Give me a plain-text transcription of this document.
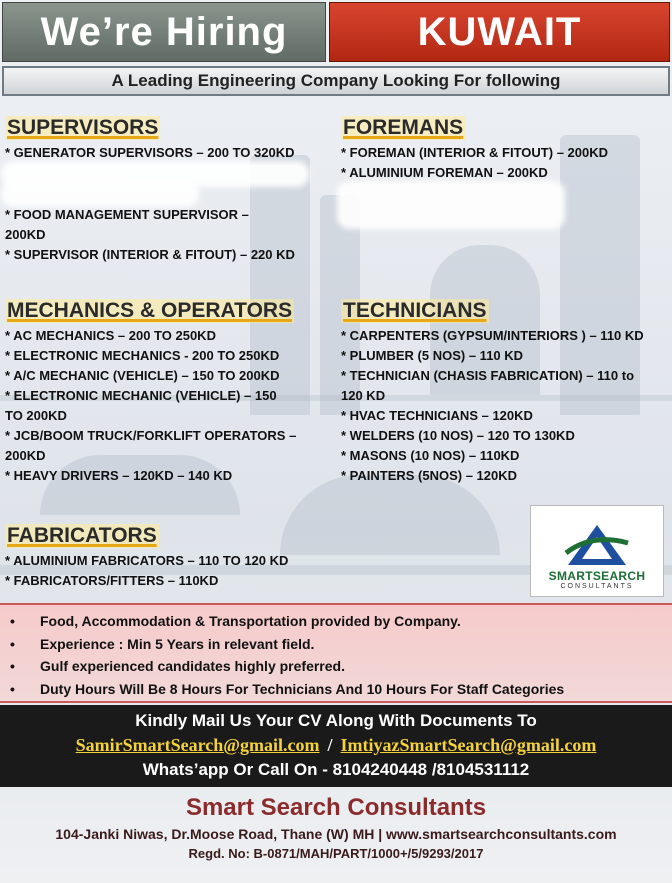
We’re Hiring	KUWAIT
A Leading Engineering Company Looking For following
SUPERVISORS
* GENERATOR SUPERVISORS – 200 TO 320KD
* FOOD MANAGEMENT SUPERVISOR –
200KD
* SUPERVISOR (INTERIOR & FITOUT) – 220 KD
FOREMANS
* FOREMAN (INTERIOR & FITOUT) – 200KD
* ALUMINIUM FOREMAN – 200KD
MECHANICS & OPERATORS
* AC MECHANICS – 200 TO 250KD
* ELECTRONIC MECHANICS - 200 TO 250KD
* A/C MECHANIC (VEHICLE) – 150 TO 200KD
* ELECTRONIC MECHANIC (VEHICLE) – 150
TO 200KD
* JCB/BOOM TRUCK/FORKLIFT OPERATORS –
200KD
* HEAVY DRIVERS – 120KD – 140 KD
TECHNICIANS
* CARPENTERS (GYPSUM/INTERIORS ) – 110 KD
* PLUMBER (5 NOS) – 110 KD
* TECHNICIAN (CHASIS FABRICATION) – 110 to
120 KD
* HVAC TECHNICIANS – 120KD
* WELDERS (10 NOS) – 120 TO 130KD
* MASONS (10 NOS) – 110KD
* PAINTERS (5NOS) – 120KD
FABRICATORS
* ALUMINIUM FABRICATORS – 110 TO 120 KD
* FABRICATORS/FITTERS – 110KD	SMARTSEARCH
CONSULTANTS
•	Food, Accommodation & Transportation provided by Company.
•	Experience : Min 5 Years in relevant field.
•	Gulf experienced candidates highly preferred.
•	Duty Hours Will Be 8 Hours For Technicians And 10 Hours For Staff Categories
Kindly Mail Us Your CV Along With Documents To
SamirSmartSearch@gmail.com / ImtiyazSmartSearch@gmail.com
Whats’app Or Call On - 8104240448 /8104531112
Smart Search Consultants
104-Janki Niwas, Dr.Moose Road, Thane (W) MH | www.smartsearchconsultants.com
Regd. No: B-0871/MAH/PART/1000+/5/9293/2017
